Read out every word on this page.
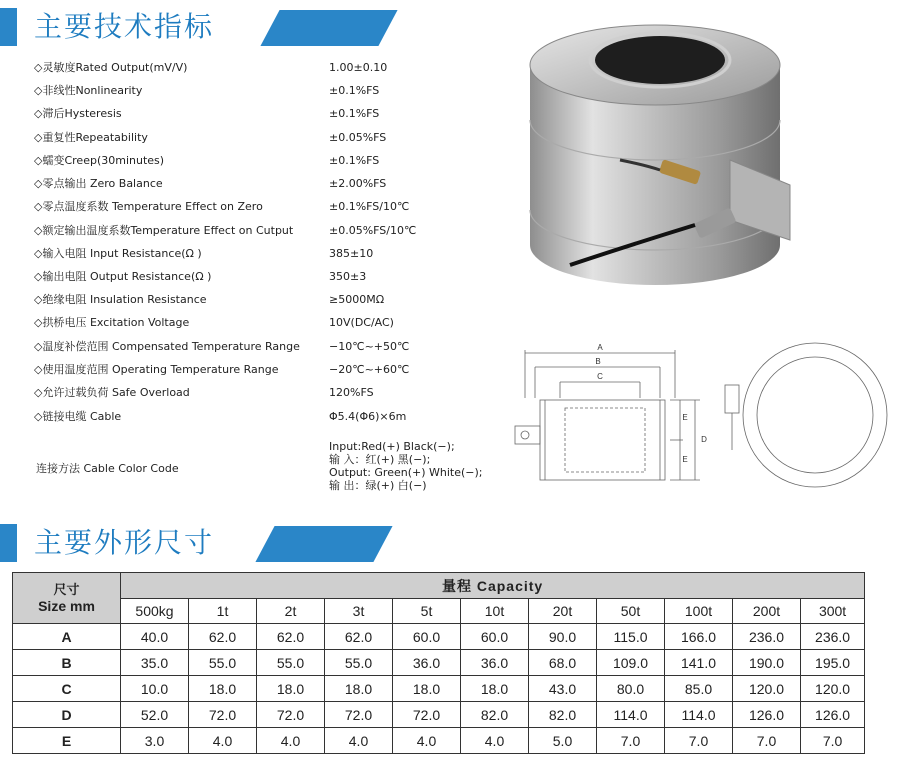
主要技术指标
◇灵敏度Rated Output(mV/V)	1.00±0.10
◇非线性Nonlinearity	±0.1%FS
◇滞后Hysteresis	±0.1%FS
◇重复性Repeatability	±0.05%FS
◇蠕变Creep(30minutes)	±0.1%FS
◇零点输出 Zero Balance	±2.00%FS
◇零点温度系数 Temperature Effect on Zero	±0.1%FS/10℃
◇额定输出温度系数Temperature Effect on Cutput	±0.05%FS/10℃
◇输入电阻 Input Resistance(Ω )	385±10
◇输出电阻 Output Resistance(Ω )	350±3
◇绝缘电阻 Insulation Resistance	≥5000MΩ
◇拱桥电压 Excitation Voltage	10V(DC/AC)
◇温度补偿范围 Compensated Temperature Range	−10℃~+50℃
◇使用温度范围 Operating Temperature Range	−20℃~+60℃
◇允许过载负荷 Safe Overload	120%FS
◇链接电缆 Cable	Φ5.4(Φ6)×6m
连接方法 Cable Color Code
Input:Red(+) Black(−);
输 入：红(+) 黑(−);
Output: Green(+) White(−);
输 出：绿(+) 白(−)
A
B
C
D
E
E
主要外形尺寸
尺寸
Size mm	量程 Capacity										
	500kg	1t	2t	3t	5t	10t	20t	50t	100t	200t	300t
A	40.0	62.0	62.0	62.0	60.0	60.0	90.0	115.0	166.0	236.0	236.0
B	35.0	55.0	55.0	55.0	36.0	36.0	68.0	109.0	141.0	190.0	195.0
C	10.0	18.0	18.0	18.0	18.0	18.0	43.0	80.0	85.0	120.0	120.0
D	52.0	72.0	72.0	72.0	72.0	82.0	82.0	114.0	114.0	126.0	126.0
E	3.0	4.0	4.0	4.0	4.0	4.0	5.0	7.0	7.0	7.0	7.0
